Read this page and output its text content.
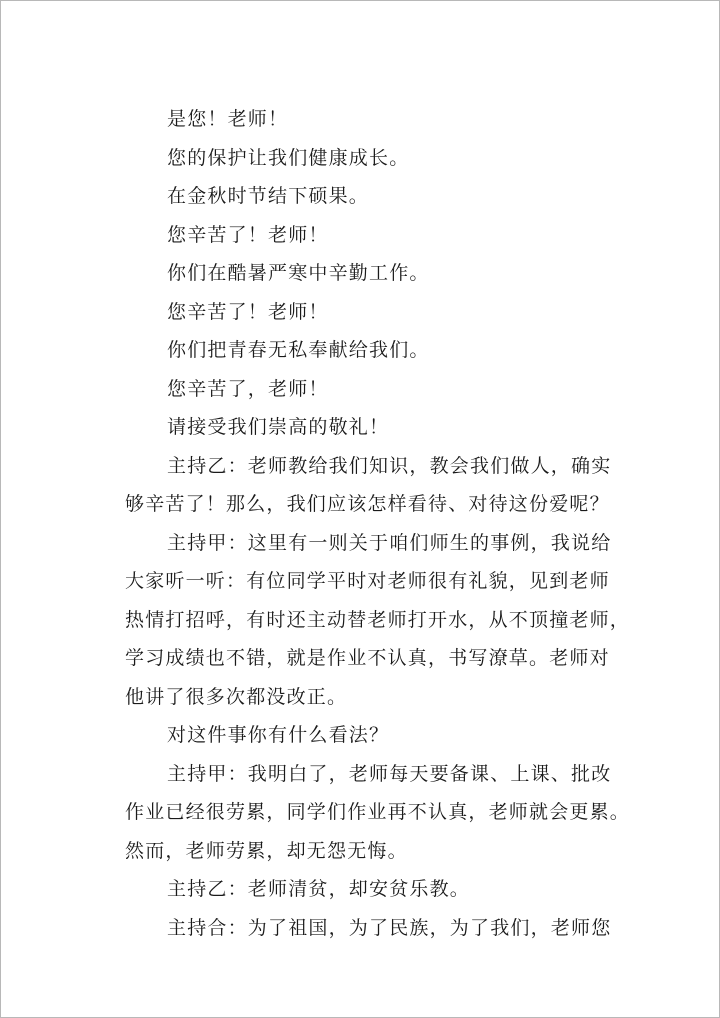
是您！老师！
您的保护让我们健康成长。
在金秋时节结下硕果。
您辛苦了！老师！
你们在酷暑严寒中辛勤工作。
您辛苦了！老师！
你们把青春无私奉献给我们。
您辛苦了，老师！
请接受我们崇高的敬礼！
主持乙：老师教给我们知识，教会我们做人，确实
够辛苦了！那么，我们应该怎样看待、对待这份爱呢？
主持甲：这里有一则关于咱们师生的事例，我说给
大家听一听：有位同学平时对老师很有礼貌，见到老师
热情打招呼，有时还主动替老师打开水，从不顶撞老师，
学习成绩也不错，就是作业不认真，书写潦草。老师对
他讲了很多次都没改正。
对这件事你有什么看法？
主持甲：我明白了，老师每天要备课、上课、批改
作业已经很劳累，同学们作业再不认真，老师就会更累。
然而，老师劳累，却无怨无悔。
主持乙：老师清贫，却安贫乐教。
主持合：为了祖国，为了民族，为了我们，老师您
